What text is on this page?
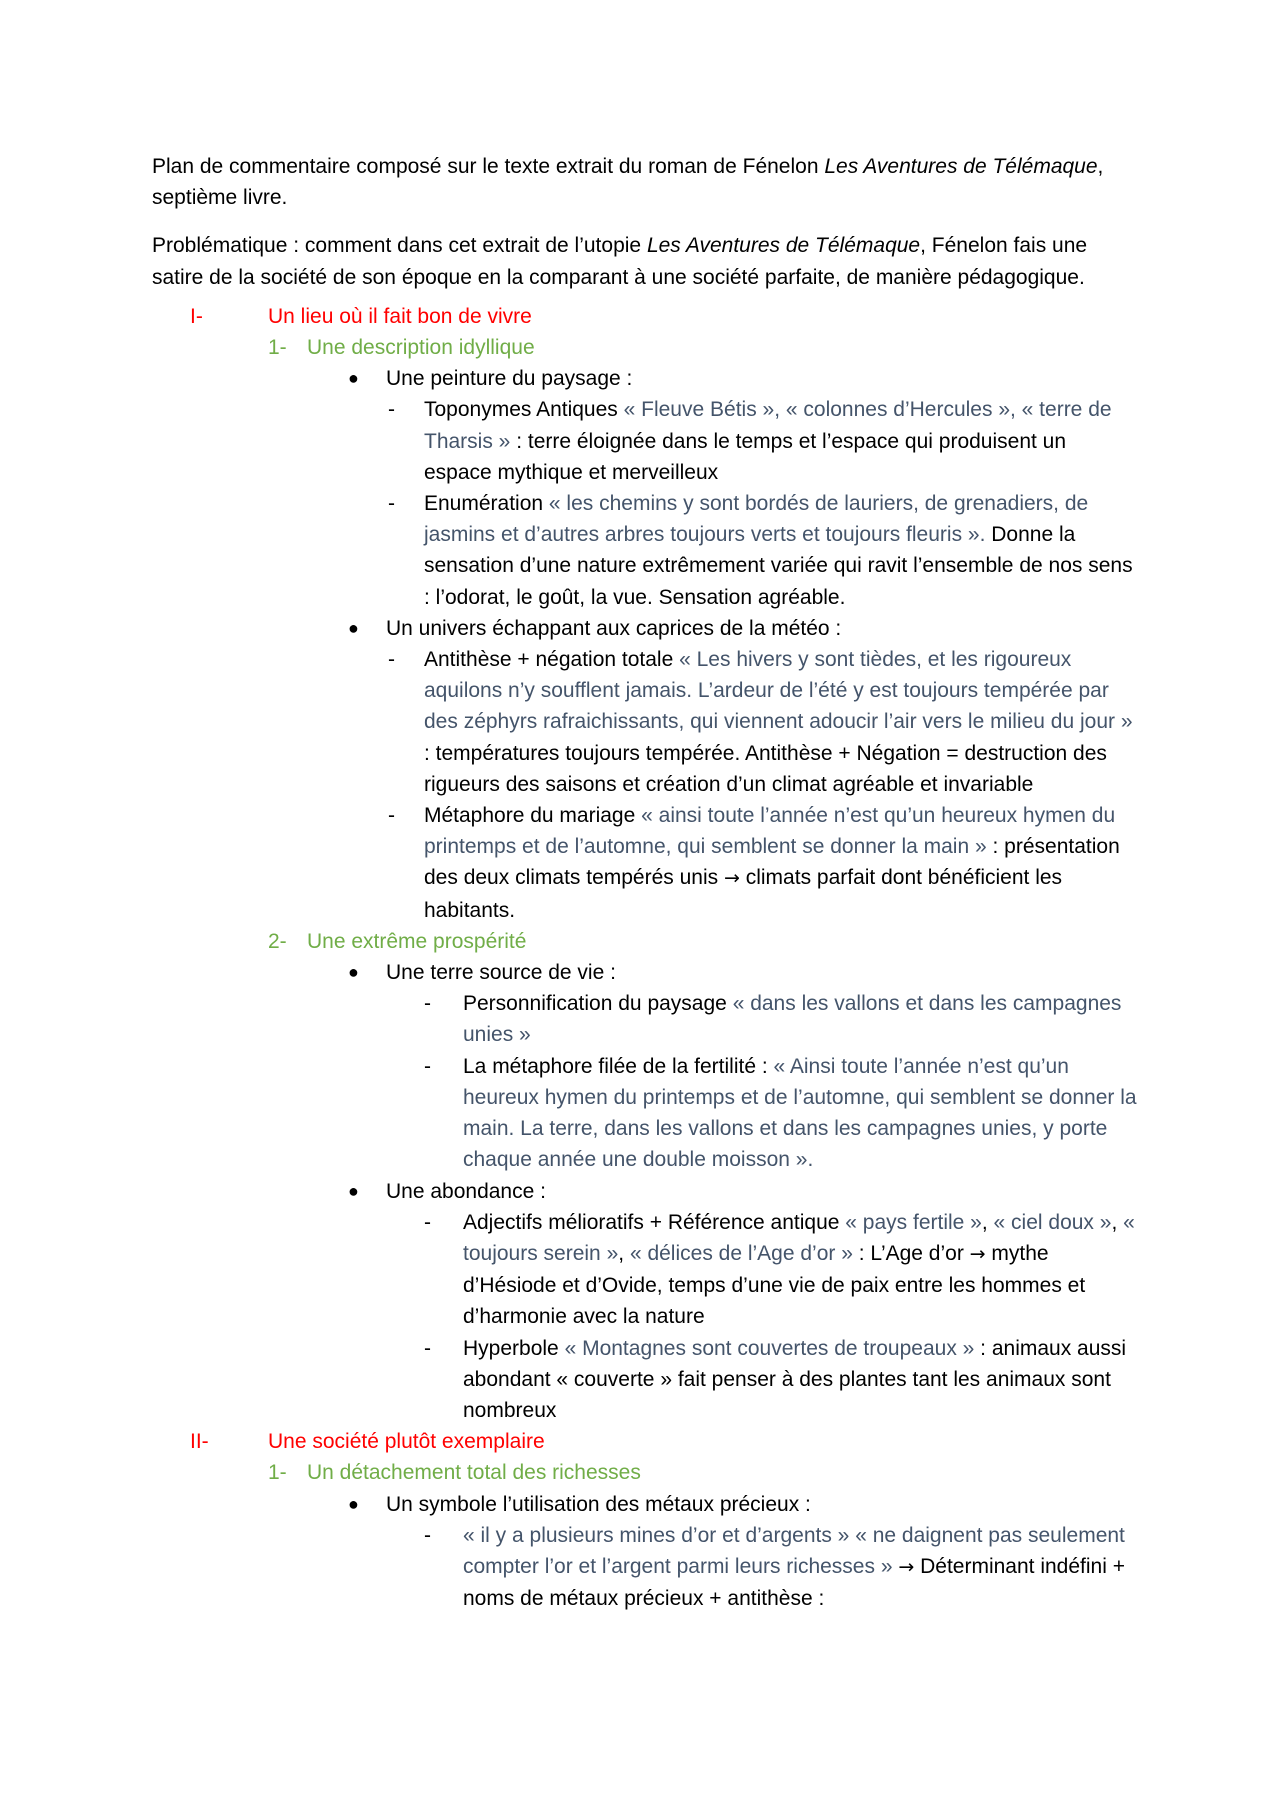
Plan de commentaire composé sur le texte extrait du roman de Fénelon Les Aventures de Télémaque, septième livre.

Problématique : comment dans cet extrait de l’utopie Les Aventures de Télémaque, Fénelon fais une satire de la société de son époque en la comparant à une société parfaite, de manière pédagogique.

I-	Un lieu où il fait bon de vivre
1- Une description idyllique
●	Une peinture du paysage :
-	Toponymes Antiques « Fleuve Bétis », « colonnes d’Hercules », « terre de Tharsis » : terre éloignée dans le temps et l’espace qui produisent un espace mythique et merveilleux
-	Enumération « les chemins y sont bordés de lauriers, de grenadiers, de jasmins et d’autres arbres toujours verts et toujours fleuris ». Donne la sensation d’une nature extrêmement variée qui ravit l’ensemble de nos sens : l’odorat, le goût, la vue. Sensation agréable.
●	Un univers échappant aux caprices de la météo :
-	Antithèse + négation totale « Les hivers y sont tièdes, et les rigoureux aquilons n’y soufflent jamais. L’ardeur de l’été y est toujours tempérée par des zéphyrs rafraichissants, qui viennent adoucir l’air vers le milieu du jour » : températures toujours tempérée. Antithèse + Négation = destruction des rigueurs des saisons et création d’un climat agréable et invariable
-	Métaphore du mariage « ainsi toute l’année n’est qu’un heureux hymen du printemps et de l’automne, qui semblent se donner la main » : présentation des deux climats tempérés unis → climats parfait dont bénéficient les habitants.
2- Une extrême prospérité
●	Une terre source de vie :
-	Personnification du paysage « dans les vallons et dans les campagnes unies »
-	La métaphore filée de la fertilité : « Ainsi toute l’année n’est qu’un heureux hymen du printemps et de l’automne, qui semblent se donner la main. La terre, dans les vallons et dans les campagnes unies, y porte chaque année une double moisson ».
●	Une abondance :
-	Adjectifs mélioratifs + Référence antique « pays fertile », « ciel doux », « toujours serein », « délices de l’Age d’or » : L’Age d’or → mythe d’Hésiode et d’Ovide, temps d’une vie de paix entre les hommes et d’harmonie avec la nature
-	Hyperbole « Montagnes sont couvertes de troupeaux » : animaux aussi abondant « couverte » fait penser à des plantes tant les animaux sont nombreux
II-	Une société plutôt exemplaire
1- Un détachement total des richesses
●	Un symbole l’utilisation des métaux précieux :
-	« il y a plusieurs mines d’or et d’argents » « ne daignent pas seulement compter l’or et l’argent parmi leurs richesses » → Déterminant indéfini + noms de métaux précieux + antithèse :
